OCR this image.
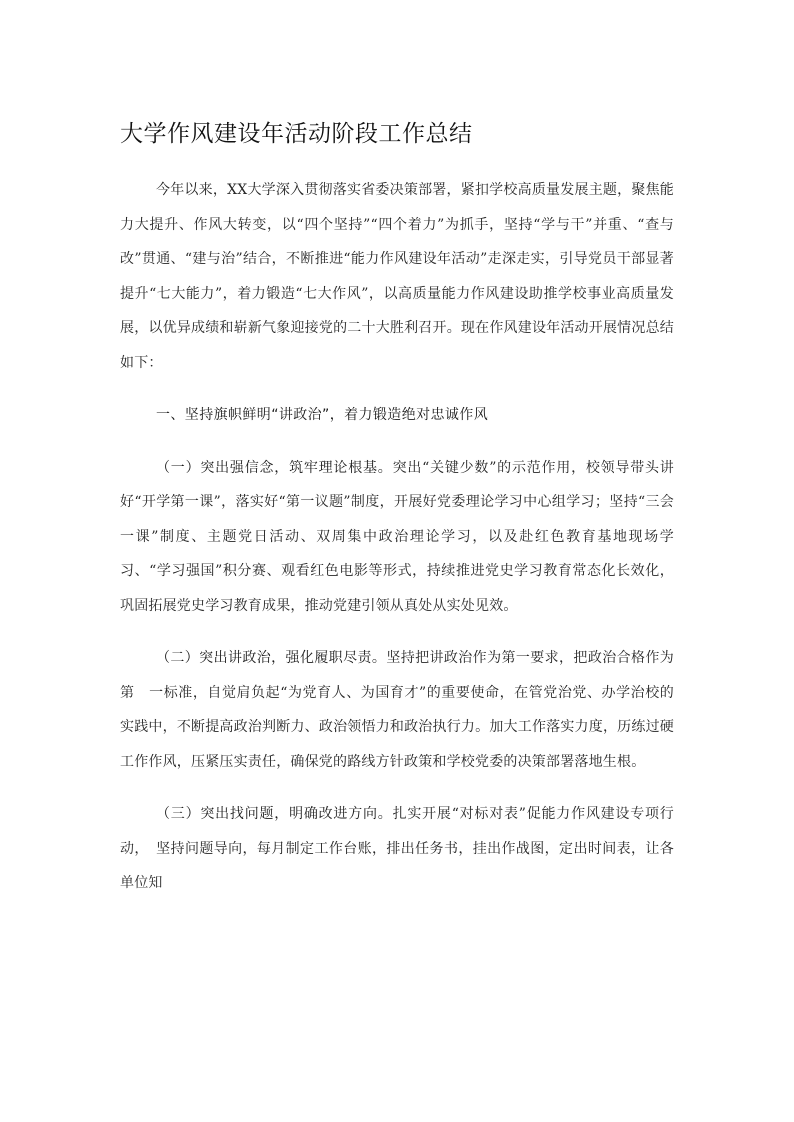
大学作风建设年活动阶段工作总结

今年以来，XX大学深入贯彻落实省委决策部署，紧扣学校高质量发展主题，聚焦能力大提升、作风大转变，以“四个坚持”“四个着力”为抓手，坚持“学与干”并重、“查与改”贯通、“建与治”结合，不断推进“能力作风建设年活动”走深走实，引导党员干部显著提升“七大能力”，着力锻造“七大作风”，以高质量能力作风建设助推学校事业高质量发展，以优异成绩和崭新气象迎接党的二十大胜利召开。现在作风建设年活动开展情况总结如下：

一、坚持旗帜鲜明“讲政治”，着力锻造绝对忠诚作风

（一）突出强信念，筑牢理论根基。突出“关键少数”的示范作用，校领导带头讲好“开学第一课”，落实好“第一议题”制度，开展好党委理论学习中心组学习；坚持“三会一课”制度、主题党日活动、双周集中政治理论学习，以及赴红色教育基地现场学习、“学习强国”积分赛、观看红色电影等形式，持续推进党史学习教育常态化长效化，巩固拓展党史学习教育成果，推动党建引领从真处从实处见效。

（二）突出讲政治，强化履职尽责。坚持把讲政治作为第一要求，把政治合格作为第　一标准，自觉肩负起“为党育人、为国育才”的重要使命，在管党治党、办学治校的实践中，不断提高政治判断力、政治领悟力和政治执行力。加大工作落实力度，历练过硬工作作风，压紧压实责任，确保党的路线方针政策和学校党委的决策部署落地生根。

（三）突出找问题，明确改进方向。扎实开展“对标对表”促能力作风建设专项行动，　坚持问题导向，每月制定工作台账，排出任务书，挂出作战图，定出时间表，让各单位知
